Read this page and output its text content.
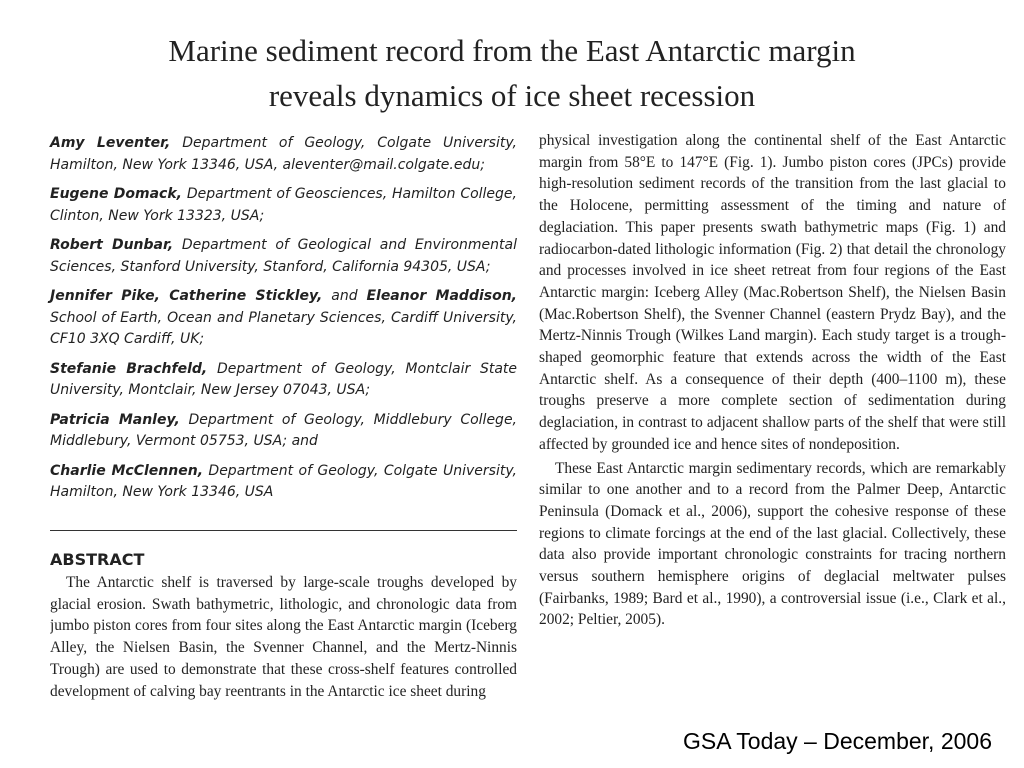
Marine sediment record from the East Antarctic margin
reveals dynamics of ice sheet recession

Amy Leventer, Department of Geology, Colgate University, Hamilton, New York 13346, USA, aleventer@mail.colgate.edu;

Eugene Domack, Department of Geosciences, Hamilton College, Clinton, New York 13323, USA;

Robert Dunbar, Department of Geological and Environmental Sciences, Stanford University, Stanford, California 94305, USA;

Jennifer Pike, Catherine Stickley, and Eleanor Maddison, School of Earth, Ocean and Planetary Sciences, Cardiff University, CF10 3XQ Cardiff, UK;

Stefanie Brachfeld, Department of Geology, Montclair State University, Montclair, New Jersey 07043, USA;

Patricia Manley, Department of Geology, Middlebury College, Middlebury, Vermont 05753, USA; and

Charlie McClennen, Department of Geology, Colgate University, Hamilton, New York 13346, USA

ABSTRACT

The Antarctic shelf is traversed by large-scale troughs developed by glacial erosion. Swath bathymetric, lithologic, and chronologic data from jumbo piston cores from four sites along the East Antarctic margin (Iceberg Alley, the Nielsen Basin, the Svenner Channel, and the Mertz-Ninnis Trough) are used to demonstrate that these cross-shelf features controlled development of calving bay reentrants in the Antarctic ice sheet during

physical investigation along the continental shelf of the East Antarctic margin from 58°E to 147°E (Fig. 1). Jumbo piston cores (JPCs) provide high-resolution sediment records of the transition from the last glacial to the Holocene, permitting assessment of the timing and nature of deglaciation. This paper presents swath bathymetric maps (Fig. 1) and radiocarbon-dated lithologic information (Fig. 2) that detail the chronology and processes involved in ice sheet retreat from four regions of the East Antarctic margin: Iceberg Alley (Mac.Robertson Shelf), the Nielsen Basin (Mac.Robertson Shelf), the Svenner Channel (eastern Prydz Bay), and the Mertz-Ninnis Trough (Wilkes Land margin). Each study target is a trough-shaped geomorphic feature that extends across the width of the East Antarctic shelf. As a consequence of their depth (400–1100 m), these troughs preserve a more complete section of sedimentation during deglaciation, in contrast to adjacent shallow parts of the shelf that were still affected by grounded ice and hence sites of nondeposition.

These East Antarctic margin sedimentary records, which are remarkably similar to one another and to a record from the Palmer Deep, Antarctic Peninsula (Domack et al., 2006), support the cohesive response of these regions to climate forcings at the end of the last glacial. Collectively, these data also provide important chronologic constraints for tracing northern versus southern hemisphere origins of deglacial meltwater pulses (Fairbanks, 1989; Bard et al., 1990), a controversial issue (i.e., Clark et al., 2002; Peltier, 2005).

GSA Today – December, 2006
